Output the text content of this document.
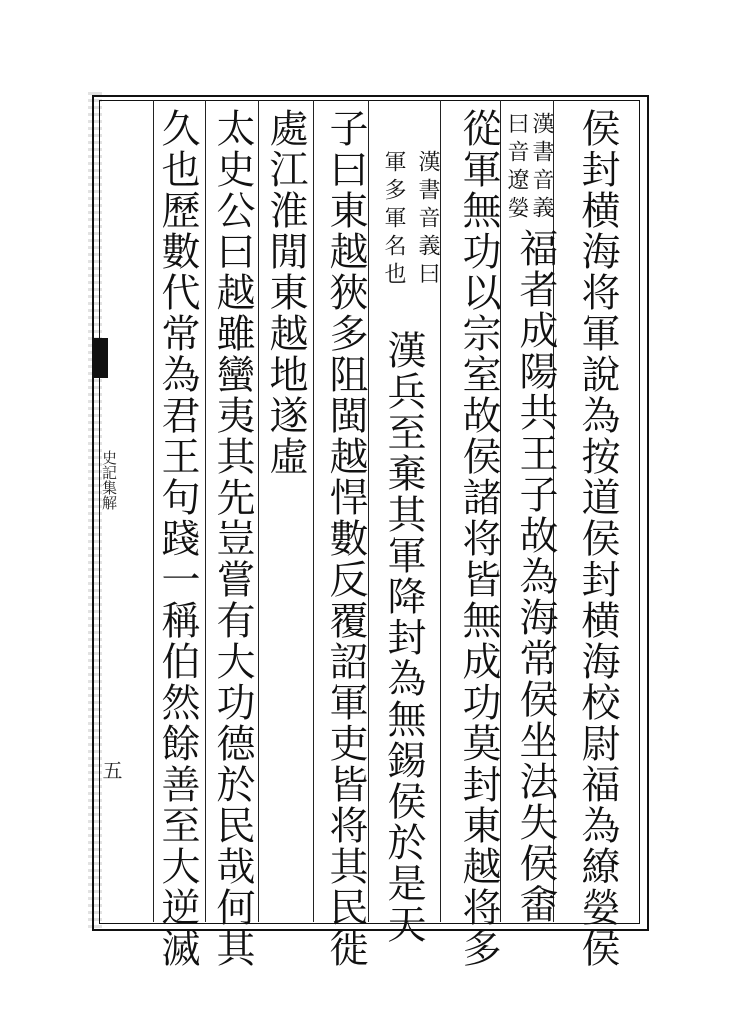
史記集解
五	侯封横海将軍說為按道侯封横海校尉福為繚嫈侯
漢書音義
曰音遼嫈
福者成陽共王子故為海常侯坐法失侯畬
從軍無功以宗室故侯諸将皆無成功莫封東越将多
漢書音義曰
軍多軍名也
漢兵至棄其軍降封為無錫侯於是天
子曰東越狹多阻閩越悍數反覆詔軍吏皆将其民徙
處江淮閒東越地遂虛
太史公曰越雖蠻夷其先豈嘗有大功德於民哉何其
久也歷數代常為君王句踐一稱伯然餘善至大逆滅
